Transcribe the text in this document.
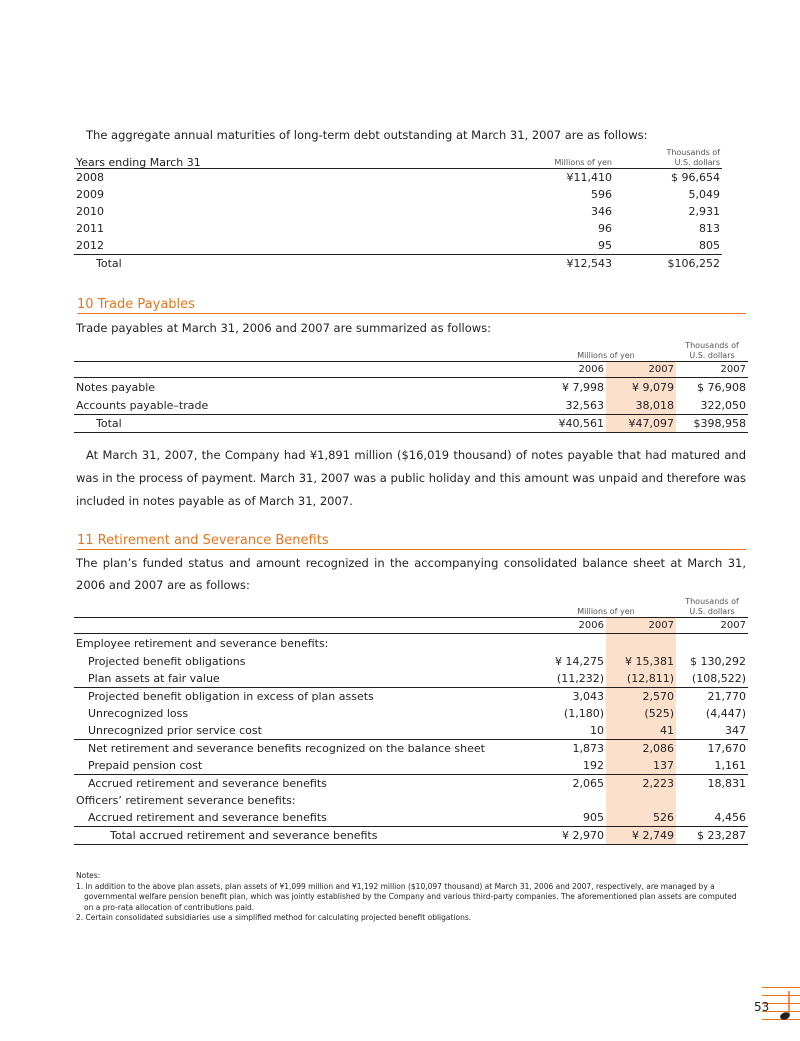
The aggregate annual maturities of long-term debt outstanding at March 31, 2007 are as follows:
Years ending March 31	Millions of yen	Thousands of
U.S. dollars

2008	¥11,410	$ 96,654
2009	596	5,049
2010	346	2,931
2011	96	813
2012	95	805
Total	¥12,543	$106,252
10 Trade Payables
Trade payables at March 31, 2006 and 2007 are summarized as follows:
	Millions of yen		Thousands of
U.S. dollars

	2006	2007	2007
Notes payable	¥ 7,998	¥ 9,079	$ 76,908
Accounts payable–trade	32,563	38,018	322,050
Total	¥40,561	¥47,097	$398,958
At March 31, 2007, the Company had ¥1,891 million ($16,019 thousand) of notes payable that had matured and was in the process of payment. March 31, 2007 was a public holiday and this amount was unpaid and therefore was included in notes payable as of March 31, 2007.
11 Retirement and Severance Benefits
The plan’s funded status and amount recognized in the accompanying consolidated balance sheet at March 31, 2006 and 2007 are as follows:
	Millions of yen		Thousands of
U.S. dollars

	2006	2007	2007
Employee retirement and severance benefits:			
Projected benefit obligations	¥ 14,275	¥ 15,381	$ 130,292
Plan assets at fair value	(11,232)	(12,811)	(108,522)
Projected benefit obligation in excess of plan assets	3,043	2,570	21,770
Unrecognized loss	(1,180)	(525)	(4,447)
Unrecognized prior service cost	10	41	347
Net retirement and severance benefits recognized on the balance sheet	1,873	2,086	17,670
Prepaid pension cost	192	137	1,161
Accrued retirement and severance benefits	2,065	2,223	18,831
Officers’ retirement severance benefits:			
Accrued retirement and severance benefits	905	526	4,456
Total accrued retirement and severance benefits	¥ 2,970	¥ 2,749	$ 23,287
Notes:
1. In addition to the above plan assets, plan assets of ¥1,099 million and ¥1,192 million ($10,097 thousand) at March 31, 2006 and 2007, respectively, are managed by a governmental welfare pension benefit plan, which was jointly established by the Company and various third-party companies. The aforementioned plan assets are computed on a pro-rata allocation of contributions paid.
2. Certain consolidated subsidiaries use a simplified method for calculating projected benefit obligations.
53
